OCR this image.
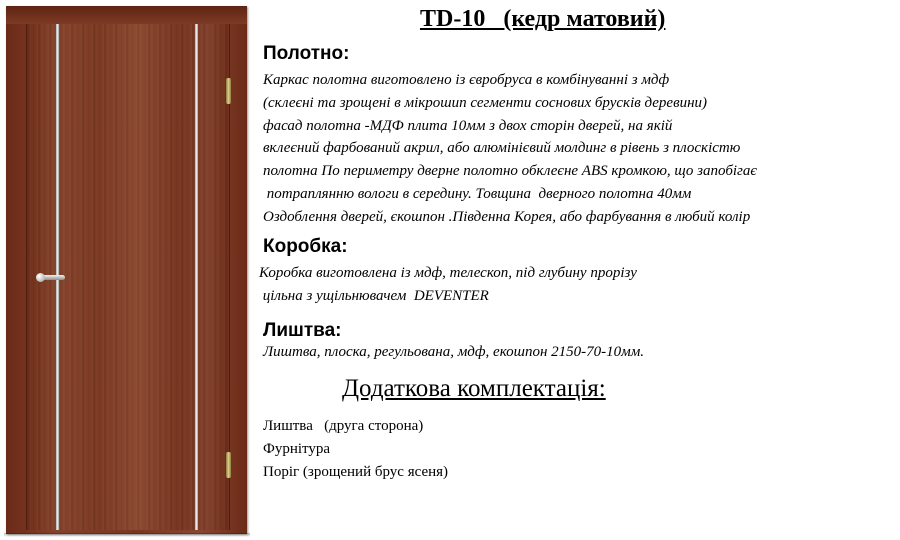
TD-10   (кедр матовий)
Полотно:
Каркас полотна виготовлено із євробруса в комбінуванні з мдф
(склеєні та зрощені в мікрошип сегменти соснових брусків деревини)
фасад полотна -МДФ плита 10мм з двох сторін дверей, на якій
вклеєний фарбований акрил, або алюмінієвий молдинг в рівень з плоскістю
полотна По периметру дверне полотно обклеєне ABS кромкою, що запобігає
потраплянню вологи в середину. Товщина  дверного полотна 40мм
Оздоблення дверей, єкошпон .Південна Корея, або фарбування в любий колір
Коробка:
Коробка виготовлена із мдф, телескоп, під глубину прорізу
цільна з ущільнювачем  DEVENTER
Лиштва:
Лиштва, плоска, регульована, мдф, екошпон 2150-70-10мм.
Додаткова комплектація:
Лиштва   (друга сторона)
Фурнітура
Поріг (зрощений брус ясеня)
